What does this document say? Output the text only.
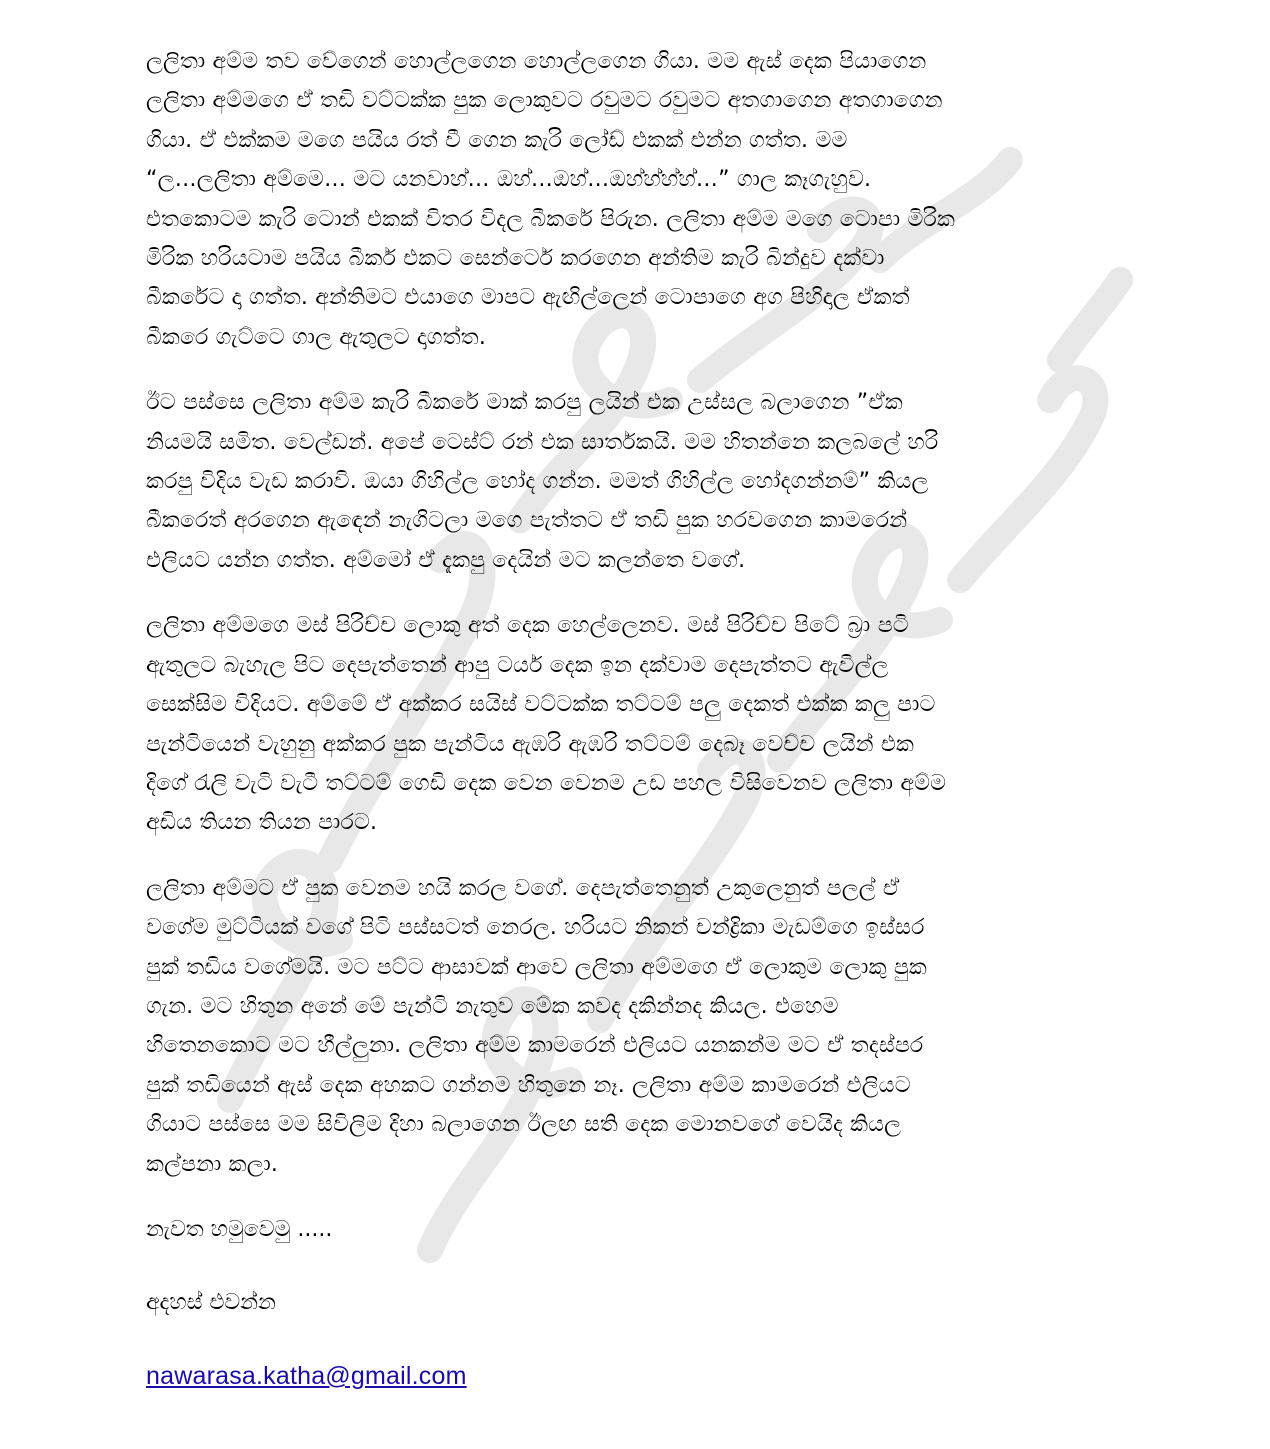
ලලිතා අම්ම තව වේගෙන් හොල්ලගෙන හොල්ලගෙන ගියා. මම ඇස් දෙක පියාගෙන
ලලිතා අම්මගෙ ඒ තඩි වට්ටක්ක පුක ලොකුවට රවුමට රවුමට අතගාගෙන අතගාගෙන
ගියා. ඒ එක්කම මගෙ පයිය රත් වී ගෙන කැරි ලෝඩ් එකක් එන්න ගත්ත. මම
“ල…ලලිතා අම්මෙ… මට යනවාහ්… ඔහ්…ඔහ්…ඔහ්හ්හ්හ්…” ගාල කෑගැහුව.
එතකොටම කැරි ටොන් එකක් විතර විදල බීකරේ පිරුන. ලලිතා අම්ම මගෙ ටොපා මිරික
මිරික හරියටාම පයිය බීකර් එකට සෙන්ටෙර් කරගෙන අන්තිම කැරි බින්දුව දක්වා
බීකරේට දා ගත්ත. අන්තිමට එයාගෙ මාපට ඇඟිල්ලෙන් ටොපාගෙ අග පිහිදාල ඒකත්
බීකරෙ ගැට්ටෙ ගාල ඇතුලට දාගත්ත.
ඊට පස්සෙ ලලිතා අම්ම කැරි බීකරේ මාක් කරපු ලයින් එක උස්සල බලාගෙන ”ඒක
නියමයි සමිත. වෙල්ඩන්. අපේ ටෙස්ට් රන් එක සාර්තකයි. මම හිතන්නෙ කලබලේ හරි
කරපු විදිය වැඩ කරාවි. ඔයා ගිහිල්ල හෝද ගන්න. මමත් ගිහිල්ල හෝදගන්නම්” කියල
බීකරෙත් අරගෙන ඇඳෙන් නැගිටලා මගෙ පැත්තට ඒ තඩි පුක හරවගෙන කාමරෙන්
එලියට යන්න ගත්ත. අම්මෝ ඒ දැකපු දෙයින් මට කලන්තෙ වගේ.
ලලිතා අම්මගෙ මස් පිරිච්ච ලොකු අත් දෙක හෙල්ලෙනව. මස් පිරිච්ච පිටේ බ්‍රා පටි
ඇතුලට බැහැල පිට දෙපැත්තෙන් ආපු ටයර් දෙක ඉන දක්වාම දෙපැත්තට ඇවිල්ල
සෙක්සිම විදියට. අම්මේ ඒ අක්කර සයිස් වට්ටක්ක තට්ටම් පලු දෙකත් එක්ක කලු පාට
පැන්ටියෙන් වැහුනු අක්කර පුක පැන්ටිය ඇඹරි ඇඹරි තට්ටම් දෙබෑ වෙච්ච ලයින් එක
දිගේ රැලි වැටි වැටී තට්ටම් ගෙඩි දෙක වෙන වෙනම උඩ පහල විසිවෙනව ලලිතා අම්ම
අඩිය තියන තියන පාරට.
ලලිතා අම්මට ඒ පුක වෙනම හයි කරල වගේ. දෙපැත්තෙනුත් උකුලෙනුත් පලල් ඒ
වගේම මුට්ටියක් වගේ පිටි පස්සටත් නෙරල. හරියට නිකන් චන්ද්‍රිකා මැඩම්ගෙ ඉස්සර
පුක් තඩිය වගේමයි. මට පට්ට ආසාවක් ආවෙ ලලිතා අම්මගෙ ඒ ලොකුම ලොකු පුක
ගැන. මට හිතුන අනේ මේ පැන්ටි නැතුව මේක කවද දකින්නද කියල. එහෙම
හිතෙනකොට මට හීල්ලුනා. ලලිතා අම්ම කාමරෙන් එලියට යනකන්ම මට ඒ තදස්පර
පුක් තඩියෙන් ඇස් දෙක අහකට ගන්නම හිතුනෙ නෑ. ලලිතා අම්ම කාමරෙන් එලියට
ගියාට පස්සෙ මම සිවිලිම දිහා බලාගෙන ඊලඟ සති දෙක මොනවගේ වෙයිද කියල
කල්පනා කලා.
නැවත හමුවෙමු .....
අදහස් එවන්න
nawarasa.katha@gmail.com
